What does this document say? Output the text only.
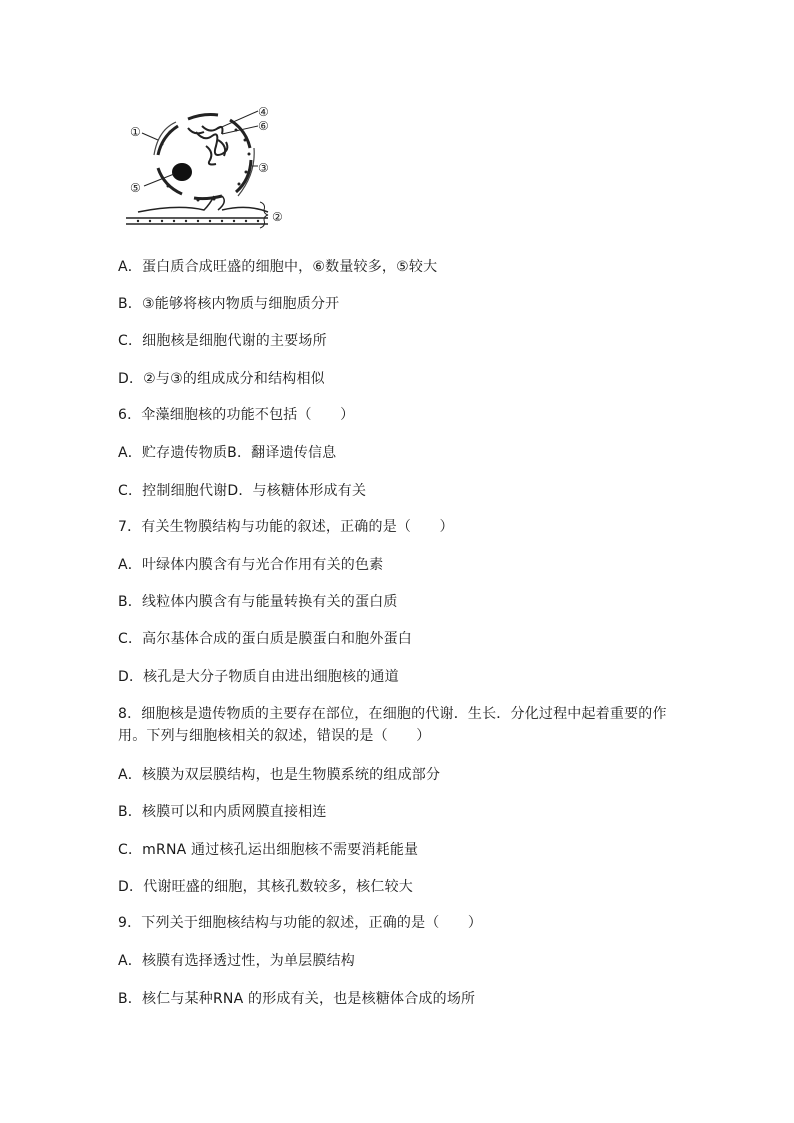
①
④
⑥
③
⑤
②
A．蛋白质合成旺盛的细胞中，⑥数量较多，⑤较大
B．③能够将核内物质与细胞质分开
C．细胞核是细胞代谢的主要场所
D．②与③的组成成分和结构相似
6．伞藻细胞核的功能不包括（　　）
A．贮存遗传物质B．翻译遗传信息
C．控制细胞代谢D．与核糖体形成有关
7．有关生物膜结构与功能的叙述，正确的是（　　）
A．叶绿体内膜含有与光合作用有关的色素
B．线粒体内膜含有与能量转换有关的蛋白质
C．高尔基体合成的蛋白质是膜蛋白和胞外蛋白
D．核孔是大分子物质自由进出细胞核的通道
8．细胞核是遗传物质的主要存在部位，在细胞的代谢．生长．分化过程中起着重要的作用。下列与细胞核相关的叙述，错误的是（　　）
A．核膜为双层膜结构，也是生物膜系统的组成部分
B．核膜可以和内质网膜直接相连
C．mRNA 通过核孔运出细胞核不需要消耗能量
D．代谢旺盛的细胞，其核孔数较多，核仁较大
9．下列关于细胞核结构与功能的叙述，正确的是（　　）
A．核膜有选择透过性，为单层膜结构
B．核仁与某种RNA 的形成有关，也是核糖体合成的场所
